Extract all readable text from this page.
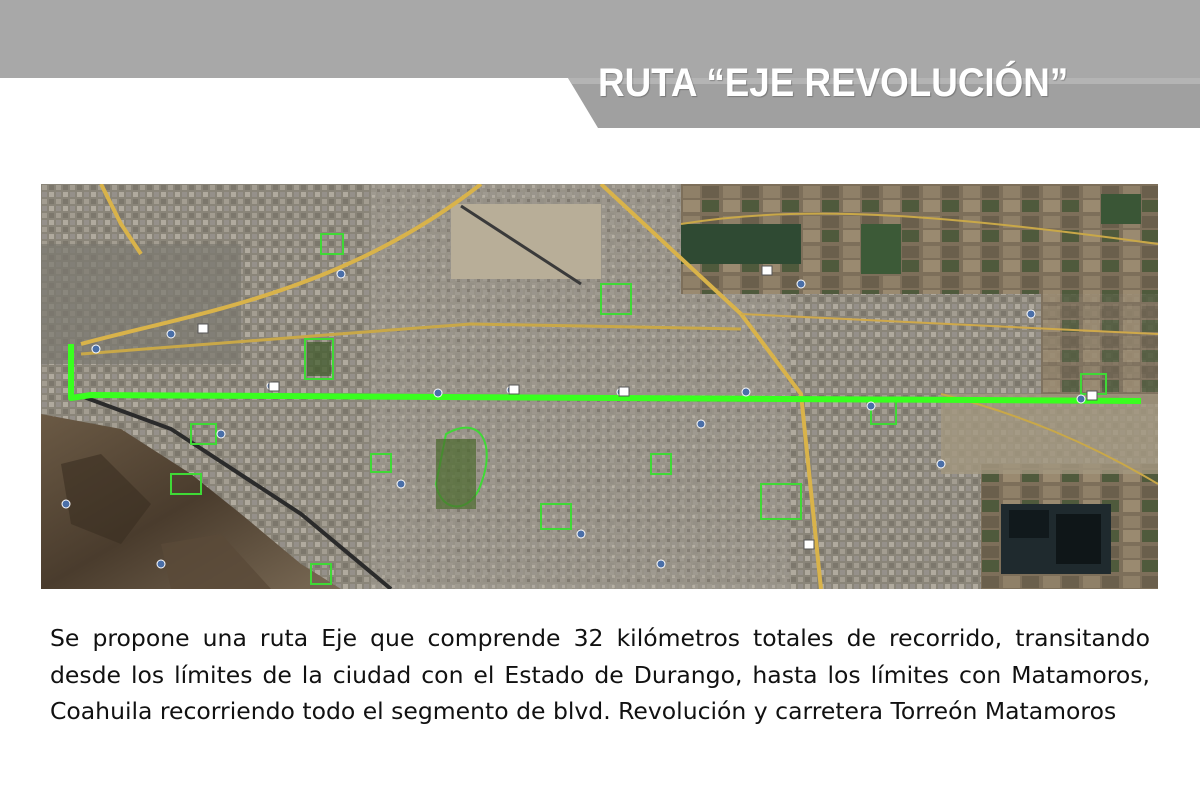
RUTA “EJE REVOLUCIÓN”

Se propone una ruta Eje que comprende 32 kilómetros totales de recorrido, transitando desde los límites de la ciudad con el Estado de Durango, hasta los límites con Matamoros, Coahuila recorriendo todo el segmento de blvd. Revolución y carretera Torreón Matamoros
